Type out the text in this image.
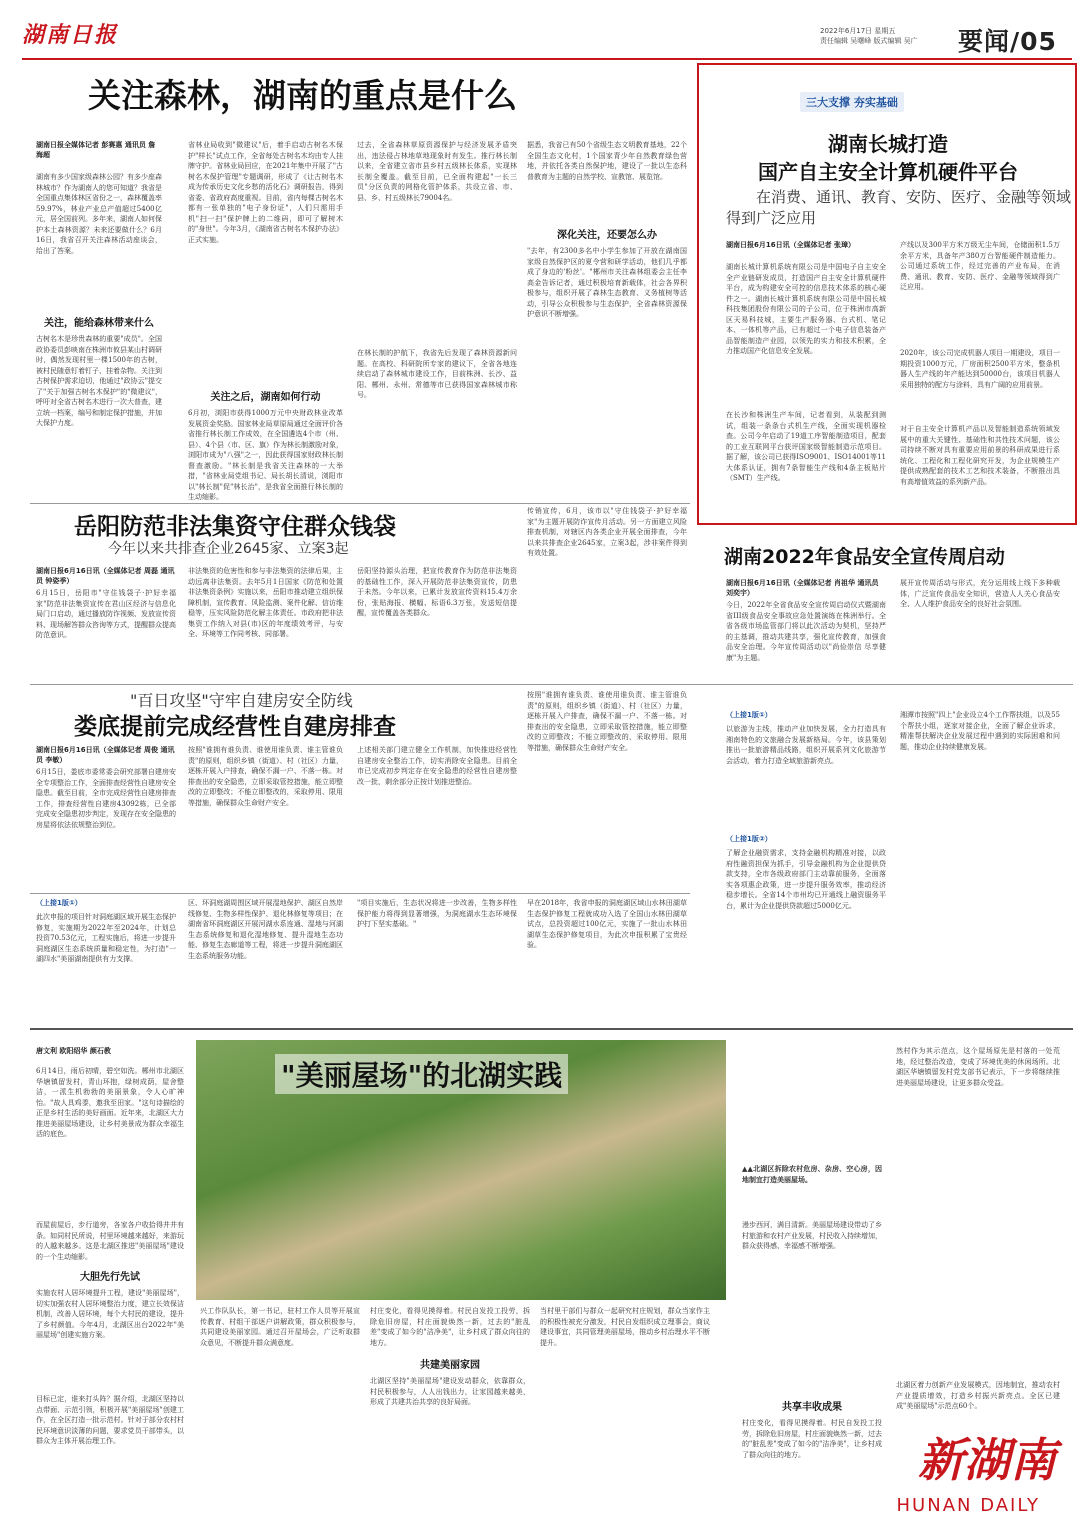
湖南日报	2022年6月17日 星期五
责任编辑 吴曙峰 版式编辑 吴广	要闻/05
关注森林，湖南的重点是什么
湖南日报全媒体记者 彭赛惠 通讯员 詹海超
湖南有多少国家级森林公园？有多少座森林城市？作为湖南人的您可知道？我省是全国重点集体林区省份之一，森林覆盖率59.97%，林业产业总产值超过5400亿元，居全国前列。多年来，湖南人如何保护本土森林资源？未来还要做什么？6月16日，我省召开关注森林活动座谈会，给出了答案。
关注，能给森林带来什么
古树名木是珍贵森林的重要"成员"。全国政协委员彭映南在株洲市攸县某山村调研时，偶然发现村里一棵1500年的古树，被村民随意钉着钉子、挂着杂物。关注到古树保护需求迫切，他通过"政协云"提交了"关于加强古树名木保护"的"微建议"，呼吁对全省古树名木进行一次大普查，建立统一档案，编号和制定保护措施，并加大保护力度。
省林业局收到"微建议"后，着手启动古树名木保护"样长"试点工作，全省每处古树名木均由专人挂牌守护。省林业局回应，在2021年集中开展了"古树名木保护管理"专题调研，形成了《让古树名木成为传承历史文化乡愁的活化石》调研报告，得到省委、省政府高度重视。目前，省内每棵古树名木都有一张单独的"电子身份证"，人们只需用手机"扫一扫"保护牌上的二维码，即可了解树木的"身世"。今年3月，《湖南省古树名木保护办法》正式实施。
关注之后，湖南如何行动
6月初，浏阳市获得1000万元中央财政林业改革发展资金奖励。国家林业局草原局通过全面评价各省推行林长制工作成效，在全国遴选4个市（州、县）、4个县（市、区、旗）作为林长制激励对象，浏阳市成为"八强"之一，因此获得国家财政林长制督查激励。"林长制是我省关注森林的一大举措，"省林业局党组书记、局长胡长清说，浏阳市以"林长制"促"林长治"，是我省全面推行林长制的生动缩影。
过去，全省森林草原资源保护与经济发展矛盾突出，违法侵占林地草地现象时有发生。推行林长制以来，全省建立省市县乡村五级林长体系，实现林长制全覆盖。截至目前，已全面构建起"一长三员"分区负责的网格化管护体系，共设立省、市、县、乡、村五级林长79004名。
在林长制的护航下，我省先后发现了森林资源新问题。在高校、科研院所专家的建议下，全省各地连续启动了森林城市建设工作，目前株洲、长沙、益阳、郴州、永州、常德等市已获得国家森林城市称号。
据悉，我省已有50个省级生态文明教育基地，22个全国生态文化村，1个国家青少年自然教育绿色营地，并依托各类自然保护地，建设了一批以生态科普教育为主题的自然学校、宣教馆、展览馆。
深化关注，还要怎么办
"去年，有2300多名中小学生参加了开放在湖南国家级自然保护区的夏令营和研学活动，他们几乎都成了身边的'粉丝'。"郴州市关注森林组委会主任李高金告诉记者，通过积极培育新载体，社会各界积极参与，组织开展了森林生态教育、义务植树等活动，引导公众积极参与生态保护，全省森林资源保护意识不断增强。
三大支撑 夯实基础
湖南长城打造
国产自主安全计算机硬件平台
在消费、通讯、教育、安防、医疗、金融等领域
得到广泛应用
湖南日报6月16日讯（全媒体记者 张璋）
湖南长城计算机系统有限公司是中国电子自主安全全产业链研发成员，打造国产自主安全计算机硬件平台，成为构建安全可控的信息技术体系的核心硬件之一。湖南长城计算机系统有限公司是中国长城科技集团股份有限公司的子公司，位于株洲市高新区天易科技城，主要生产服务器、台式机、笔记本、一体机等产品，已有超过一个电子信息装备产品智能制造产业园，以领先的实力和技术积累，全力推动国产化信息安全发展。
在长沙和株洲生产车间，记者看到，从装配到测试，组装一条条台式机生产线，全面实现机器检查。公司今年启动了19道工序智能制造项目，配套的工业互联网平台获评国家级智能制造示范项目。据了解，该公司已获得ISO9001、ISO14001等11大体系认证，拥有7条智能生产线和4条主板贴片（SMT）生产线。
产线以及300平方米万级无尘车间，仓储面积1.5万余平方米，具备年产380万台智能硬件制造能力。公司通过系统工作，经过完善的产业布局，在消费、通讯、教育、安防、医疗、金融等领域得到广泛应用。
2020年，该公司完成机器人项目一期建设，项目一期投资1000万元，厂房面积2500平方米，整条机器人生产线的年产能达到50000台，该项目机器人采用独特的配方与涂料，具有广阔的应用前景。
对于自主安全计算机产品以及智能制造系统领域发展中的重大关键性、基础性和共性技术问题，该公司持续不断对具有重要应用前景的科研成果进行系统化、工程化和工程化研究开发，为企业规模生产提供成熟配套的技术工艺和技术装备，不断推出具有高增值效益的系列新产品。
岳阳防范非法集资守住群众钱袋
今年以来共排查企业2645家、立案3起
湖南日报6月16日讯（全媒体记者 周磊 通讯员 钟姿季）
6月15日，岳阳市"守住钱袋子·护好幸福家"防范非法集资宣传在君山区经济与信息化局门口启动，通过播放防诈视频、发放宣传资料、现场解答群众咨询等方式，提醒群众提高防范意识。
非法集资的危害性和参与非法集资的法律后果，主动远离非法集资。去年5月1日国家《防范和处置非法集资条例》实施以来，岳阳市推动建立组织保障机制，宣传教育、风险监测、案件化解、信访维稳等，压实风险防范化解主体责任。市政府把非法集资工作纳入对县(市)区的年度绩效考评，与安全、环境等工作同考核、同部署。
岳阳坚持源头治理，把宣传教育作为防范非法集资的基础性工作，深入开展防范非法集资宣传，防患于未然。今年以来，已累计发放宣传资料15.4万余份，张贴海报、横幅、标语6.3万张，发送短信提醒，宣传覆盖各类群众。
传销宣传，6月，该市以"守住钱袋子·护好幸福家"为主题开展防诈宣传月活动。另一方面建立风险排查机制，对辖区内各类企业开展全面排查，今年以来共排查企业2645家，立案3起，涉非案件得到有效处置。	湖南2022年食品安全宣传周启动
湖南日报6月16日讯（全媒体记者 肖祖华 通讯员 刘奕宇）
今日，2022年全省食品安全宣传周启动仪式暨湖南省III级食品安全事故应急处置演练在株洲举行。全省各级市场监管部门将以此次活动为契机，坚持严的主基调，推动共建共享，强化宣传教育，加强食品安全治理。今年宣传周活动以"尚俭崇信 尽享健康"为主题。
展开宣传周活动与形式，充分运用线上线下多种载体，广泛宣传食品安全知识，营造人人关心食品安全、人人维护食品安全的良好社会氛围。
"百日攻坚"守牢自建房安全防线
娄底提前完成经营性自建房排查
湖南日报6月16日讯（全媒体记者 周俊 通讯员 李敏）
6月15日，娄底市委常委会研究部署自建房安全专项整治工作，全面排查经营性自建房安全隐患。截至目前，全市完成经营性自建房排查工作，排查经营性自建房43092栋，已全部完成安全隐患初步判定，发现存在安全隐患的房屋将依法依规整治到位。
按照"谁拥有谁负责、谁使用谁负责、谁主管谁负责"的原则，组织乡镇（街道）、村（社区）力量，逐栋开展入户排查，确保不漏一户、不落一栋。对排查出的安全隐患，立即采取管控措施，能立即整改的立即整改；不能立即整改的，采取停用、限用等措施，确保群众生命财产安全。
上述相关部门建立健全工作机制，加快推进经营性自建房安全整治工作，切实消除安全隐患。目前全市已完成初步判定存在安全隐患的经营性自建房整改一批，剩余部分正按计划推进整治。
按照"谁拥有谁负责、谁使用谁负责、谁主管谁负责"的原则，组织乡镇（街道）、村（社区）力量，逐栋开展入户排查，确保不漏一户、不落一栋。对排查出的安全隐患，立即采取管控措施，能立即整改的立即整改；不能立即整改的，采取停用、限用等措施，确保群众生命财产安全。
（上接1版①）
此次申报的项目针对洞庭湖区域开展生态保护修复，实施期为2022年至2024年，计划总投资70.53亿元，工程实施后，将进一步提升洞庭湖区生态系统质量和稳定性，为打造"一湖四水"美丽湖南提供有力支撑。
区、环洞庭湖周围区域开展湿地保护、湖区自然岸线修复、生物多样性保护、退化林修复等项目；在湖南省环洞庭湖区开展河湖水系连通、湿地与河湖生态系统修复和退化湿地修复、提升湿地生态功能、修复生态廊道等工程，将进一步提升洞庭湖区生态系统服务功能。
"项目实施后，生态状况将进一步改善，生物多样性保护能力将得到显著增强，为洞庭湖水生态环境保护打下坚实基础。"
早在2018年，我省申报的洞庭湖区域山水林田湖草生态保护修复工程就成功入选了全国山水林田湖草试点，总投资超过100亿元，实施了一批山水林田湖草生态保护修复项目，为此次申报积累了宝贵经验。
（上接1版①）
以旅游为主线，推动产业加快发展，全力打造具有湘南特色的文旅融合发展新格局。今年，该县策划推出一批旅游精品线路，组织开展系列文化旅游节会活动，着力打造全域旅游新亮点。
（上接1版②）
了解企业融资需求，支持金融机构精准对接，以政府性融资担保为抓手，引导金融机构为企业提供贷款支持，全市各级政府部门主动靠前服务，全面落实各项惠企政策，进一步提升服务效率，推动经济稳步增长。全省14个市州均已开通线上融资服务平台，累计为企业提供贷款超过5000亿元。
湘潭市按照"四上"企业设立4个工作帮扶组，以及55个帮扶小组，逐家对接企业，全面了解企业诉求，精准帮扶解决企业发展过程中遇到的实际困难和问题，推动企业持续健康发展。
唐文利 欧阳绍华 颜石教
6月14日，雨后初晴，碧空如洗。郴州市北湖区华塘镇留发村，青山环抱，绿树成荫，屋舍整洁，一派生机勃勃的美丽景象，令人心旷神怡。"故人具鸡黍，邀我至田家。"这句诗描绘的正是乡村生活的美好画面。近年来，北湖区大力推进美丽屋场建设，让乡村美景成为群众幸福生活的底色。
而屋前屋后，步行道旁，各家各户收拾得井井有条。如同村民所说，村里环境越来越好，来游玩的人越来越多。这是北湖区推进"美丽屋场"建设的一个生动缩影。
大胆先行先试
实施农村人居环境提升工程，建设"美丽屋场"，切实加强农村人居环境整治力度，建立长效保洁机制，改善人居环境，每个大村民的建设，提升了乡村颜值。今年4月，北湖区出台2022年"美丽屋场"创建实施方案。
目标已定，谁来打头阵？据介绍，北湖区坚持以点带面、示范引领，积极开展"美丽屋场"创建工作，在全区打造一批示范村。针对于部分农村村民环境意识淡薄的问题，要求党员干部带头，以群众为主体开展治理工作。
"美丽屋场"的北湖实践
▲▲北湖区拆除农村危房、杂房、空心房，因地制宜打造美丽屋场。
兴工作队队长，第一书记，驻村工作人员等开展宣传教育、村组干部逐户讲解政策，群众积极参与，共同建设美丽家园。通过召开屋场会，广泛听取群众意见，不断提升群众满意度。
村庄变化，看得见摸得着。村民自发投工投劳，拆除危旧房屋，村庄面貌焕然一新，过去的"脏乱差"变成了如今的"洁净美"，让乡村成了群众向往的地方。
共建美丽家园
北湖区坚持"美丽屋场"建设发动群众，依靠群众，村民积极参与，人人出钱出力，让家园越来越美，形成了共建共治共享的良好局面。
当村里干部们与群众一起研究村庄规划，群众当家作主的积极性被充分激发，村民自发组织成立理事会，商议建设事宜，共同管理美丽屋场，推动乡村治理水平不断提升。
漫步西河，满目清新。美丽屋场建设带动了乡村旅游和农村产业发展，村民收入持续增加，群众获得感、幸福感不断增强。
共享丰收成果
村庄变化，看得见摸得着。村民自发投工投劳，拆除危旧房屋，村庄面貌焕然一新，过去的"脏乱差"变成了如今的"洁净美"，让乡村成了群众向往的地方。
然村作为其示范点，这个屋场原先是村落的一处荒地，经过整治改造，变成了环境优美的休闲场所。北湖区华塘镇留发村党支部书记表示，下一步将继续推进美丽屋场建设，让更多群众受益。
北湖区着力创新产业发展模式，因地制宜，推动农村产业提质增效，打造乡村振兴新亮点。全区已建成"美丽屋场"示范点60个。
新湖南
HUNAN DAILY
